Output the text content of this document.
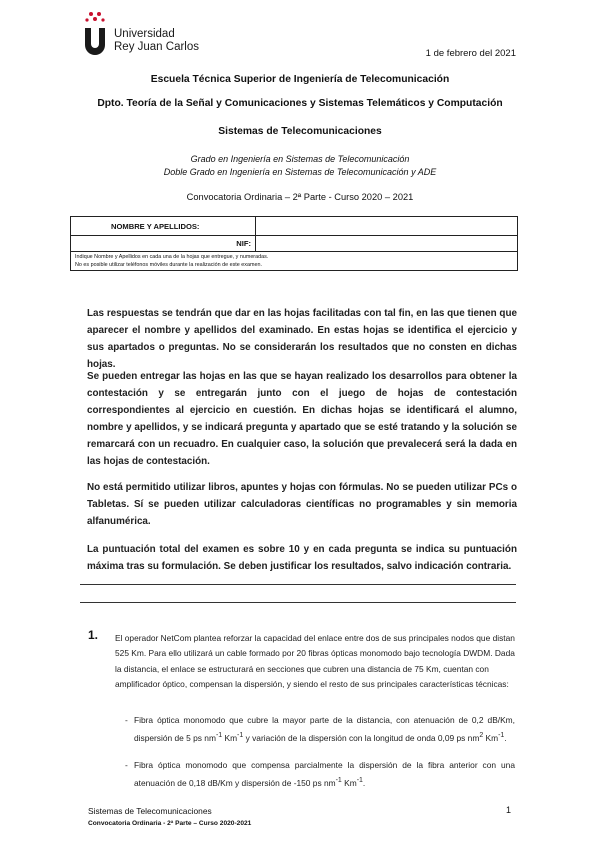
Universidad
Rey Juan Carlos
1 de febrero del 2021
Escuela Técnica Superior de Ingeniería de Telecomunicación
Dpto. Teoría de la Señal y Comunicaciones y Sistemas Telemáticos y Computación
Sistemas de Telecomunicaciones
Grado en Ingeniería en Sistemas de Telecomunicación
Doble Grado en Ingeniería en Sistemas de Telecomunicación y ADE
Convocatoria Ordinaria – 2ª Parte - Curso 2020 – 2021
NOMBRE Y APELLIDOS:	
NIF:	

Indique Nombre y Apellidos en cada una de la hojas que entregue, y numeradas.
No es posible utilizar teléfonos móviles durante la realización de este examen.	
Las respuestas se tendrán que dar en las hojas facilitadas con tal fin, en las que tienen que aparecer el nombre y apellidos del examinado. En estas hojas se identifica el ejercicio y sus apartados o preguntas. No se considerarán los resultados que no consten en dichas hojas.
Se pueden entregar las hojas en las que se hayan realizado los desarrollos para obtener la contestación y se entregarán junto con el juego de hojas de contestación correspondientes al ejercicio en cuestión. En dichas hojas se identificará el alumno, nombre y apellidos, y se indicará pregunta y apartado que se esté tratando y la solución se remarcará con un recuadro. En cualquier caso, la solución que prevalecerá será la dada en las hojas de contestación.
No está permitido utilizar libros, apuntes y hojas con fórmulas. No se pueden utilizar PCs o Tabletas. Sí se pueden utilizar calculadoras científicas no programables y sin memoria alfanumérica.
La puntuación total del examen es sobre 10 y en cada pregunta se indica su puntuación máxima tras su formulación. Se deben justificar los resultados, salvo indicación contraria.
1. El operador NetCom plantea reforzar la capacidad del enlace entre dos de sus principales nodos que distan 525 Km. Para ello utilizará un cable formado por 20 fibras ópticas monomodo bajo tecnología DWDM. Dada la distancia, el enlace se estructurará en secciones que cubren una distancia de 75 Km, cuentan con amplificador óptico, compensan la dispersión, y siendo el resto de sus principales características técnicas:
- Fibra óptica monomodo que cubre la mayor parte de la distancia, con atenuación de 0,2 dB/Km, dispersión de 5 ps $nm^{-1}$ $Km^{-1}$ y variación de la dispersión con la longitud de onda 0,09 ps $nm^2$ $Km^{-1}$.
- Fibra óptica monomodo que compensa parcialmente la dispersión de la fibra anterior con una atenuación de 0,18 dB/Km y dispersión de -150 ps $nm^{-1}$ $Km^{-1}$.
Sistemas de Telecomunicaciones
Convocatoria Ordinaria - 2ª Parte – Curso 2020-2021
1
